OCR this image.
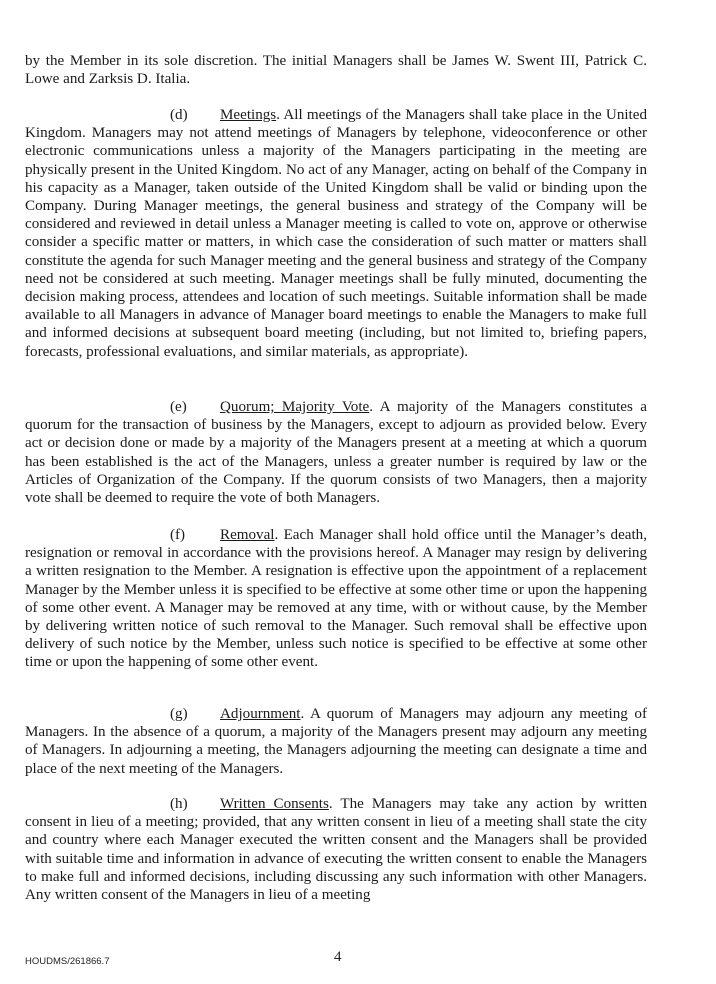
by the Member in its sole discretion. The initial Managers shall be James W. Swent III, Patrick C. Lowe and Zarksis D. Italia.

(d) Meetings. All meetings of the Managers shall take place in the United Kingdom. Managers may not attend meetings of Managers by telephone, videoconference or other electronic communications unless a majority of the Managers participating in the meeting are physically present in the United Kingdom. No act of any Manager, acting on behalf of the Company in his capacity as a Manager, taken outside of the United Kingdom shall be valid or binding upon the Company. During Manager meetings, the general business and strategy of the Company will be considered and reviewed in detail unless a Manager meeting is called to vote on, approve or otherwise consider a specific matter or matters, in which case the consideration of such matter or matters shall constitute the agenda for such Manager meeting and the general business and strategy of the Company need not be considered at such meeting. Manager meetings shall be fully minuted, documenting the decision making process, attendees and location of such meetings. Suitable information shall be made available to all Managers in advance of Manager board meetings to enable the Managers to make full and informed decisions at subsequent board meeting (including, but not limited to, briefing papers, forecasts, professional evaluations, and similar materials, as appropriate).

(e) Quorum; Majority Vote. A majority of the Managers constitutes a quorum for the transaction of business by the Managers, except to adjourn as provided below. Every act or decision done or made by a majority of the Managers present at a meeting at which a quorum has been established is the act of the Managers, unless a greater number is required by law or the Articles of Organization of the Company. If the quorum consists of two Managers, then a majority vote shall be deemed to require the vote of both Managers.

(f) Removal. Each Manager shall hold office until the Manager’s death, resignation or removal in accordance with the provisions hereof. A Manager may resign by delivering a written resignation to the Member. A resignation is effective upon the appointment of a replacement Manager by the Member unless it is specified to be effective at some other time or upon the happening of some other event. A Manager may be removed at any time, with or without cause, by the Member by delivering written notice of such removal to the Manager. Such removal shall be effective upon delivery of such notice by the Member, unless such notice is specified to be effective at some other time or upon the happening of some other event.

(g) Adjournment. A quorum of Managers may adjourn any meeting of Managers. In the absence of a quorum, a majority of the Managers present may adjourn any meeting of Managers. In adjourning a meeting, the Managers adjourning the meeting can designate a time and place of the next meeting of the Managers.

(h) Written Consents. The Managers may take any action by written consent in lieu of a meeting; provided, that any written consent in lieu of a meeting shall state the city and country where each Manager executed the written consent and the Managers shall be provided with suitable time and information in advance of executing the written consent to enable the Managers to make full and informed decisions, including discussing any such information with other Managers. Any written consent of the Managers in lieu of a meeting

HOUDMS/261866.7	4
